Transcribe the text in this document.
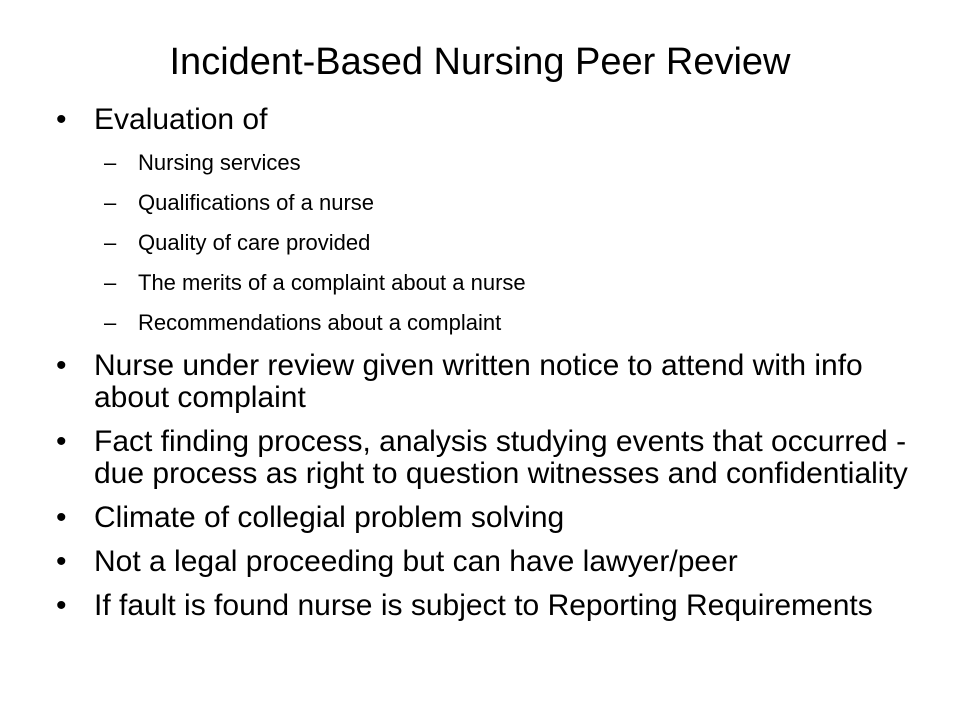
Incident-Based Nursing Peer Review
• Evaluation of
– Nursing services
– Qualifications of a nurse
– Quality of care provided
– The merits of a complaint about a nurse
– Recommendations about a complaint
• Nurse under review given written notice to attend with info about complaint
• Fact finding process, analysis studying events that occurred - due process as right to question witnesses and confidentiality
• Climate of collegial problem solving
• Not a legal proceeding but can have lawyer/peer
• If fault is found nurse is subject to Reporting Requirements
